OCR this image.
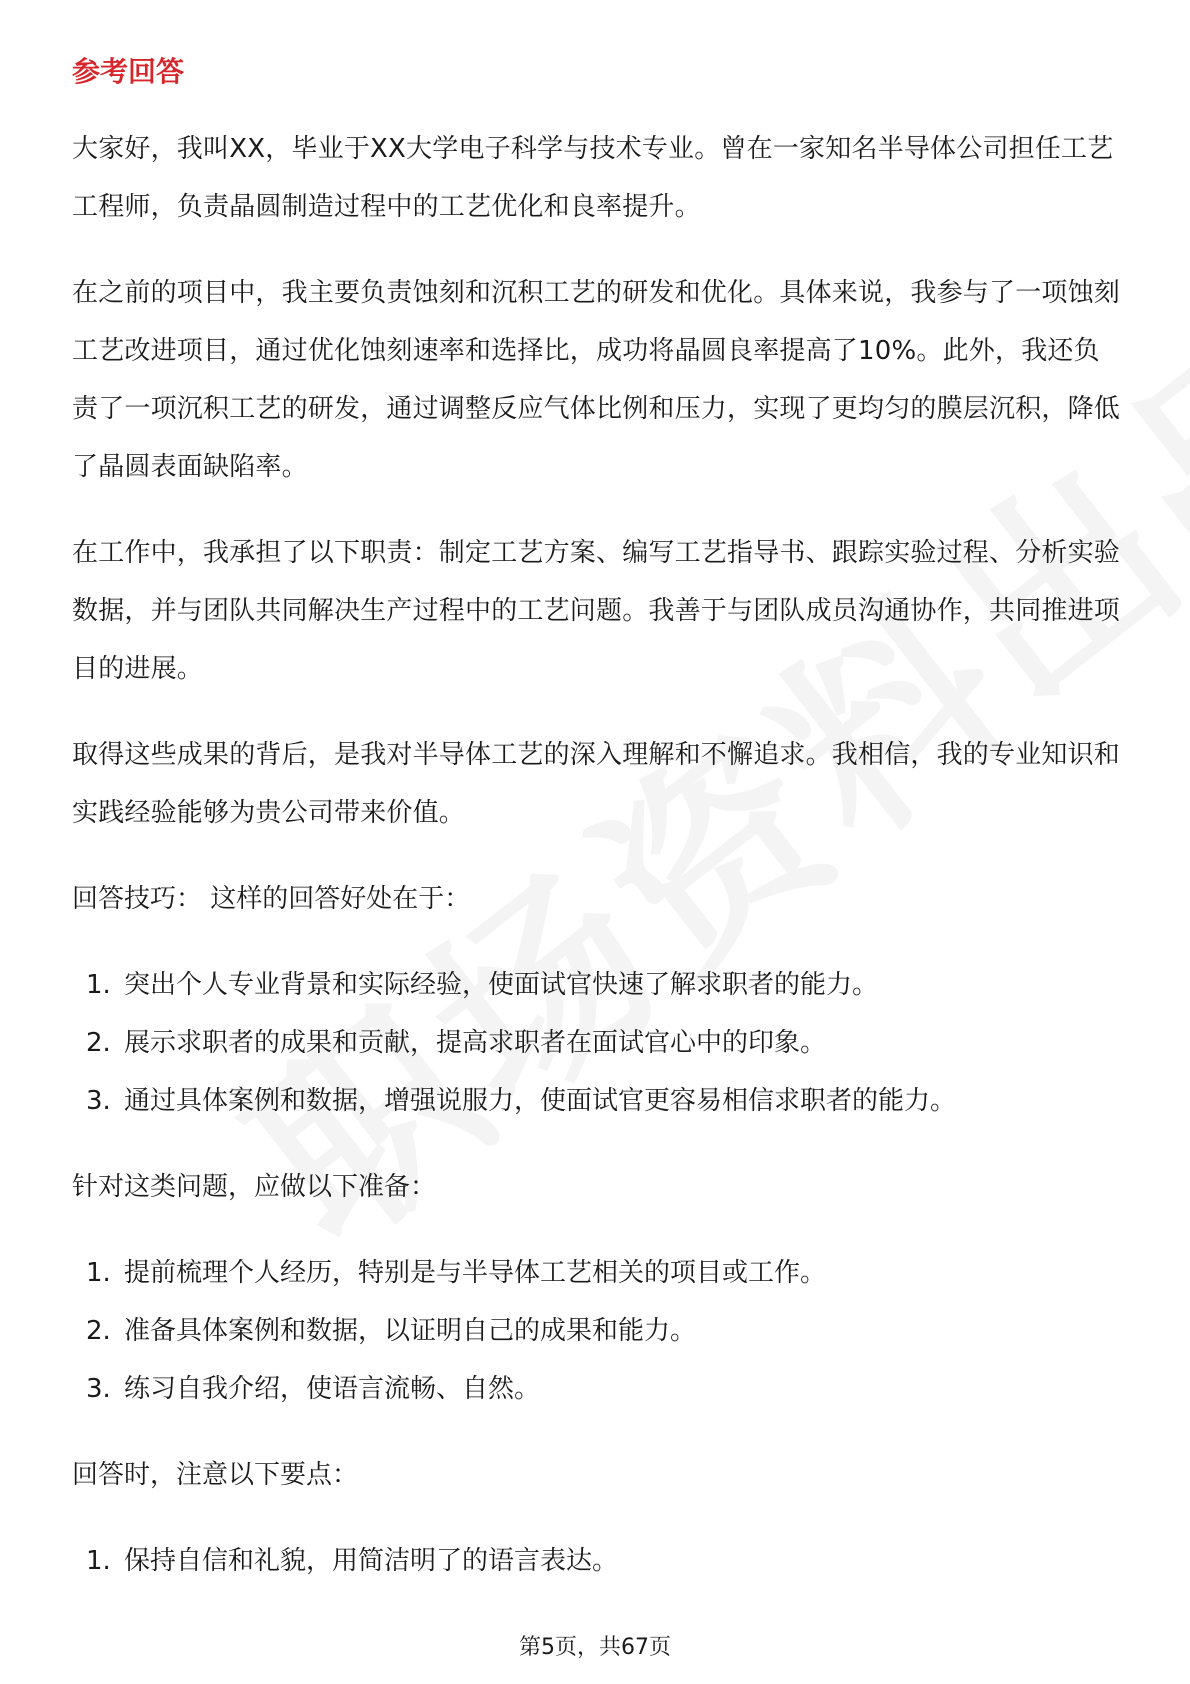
参考回答

大家好，我叫XX，毕业于XX大学电子科学与技术专业。曾在一家知名半导体公司担任工艺工程师，负责晶圆制造过程中的工艺优化和良率提升。

在之前的项目中，我主要负责蚀刻和沉积工艺的研发和优化。具体来说，我参与了一项蚀刻工艺改进项目，通过优化蚀刻速率和选择比，成功将晶圆良率提高了10%。此外，我还负责了一项沉积工艺的研发，通过调整反应气体比例和压力，实现了更均匀的膜层沉积，降低了晶圆表面缺陷率。

在工作中，我承担了以下职责：制定工艺方案、编写工艺指导书、跟踪实验过程、分析实验数据，并与团队共同解决生产过程中的工艺问题。我善于与团队成员沟通协作，共同推进项目的进展。

取得这些成果的背后，是我对半导体工艺的深入理解和不懈追求。我相信，我的专业知识和实践经验能够为贵公司带来价值。

回答技巧： 这样的回答好处在于：
1. 突出个人专业背景和实际经验，使面试官快速了解求职者的能力。
2. 展示求职者的成果和贡献，提高求职者在面试官心中的印象。
3. 通过具体案例和数据，增强说服力，使面试官更容易相信求职者的能力。
针对这类问题，应做以下准备：
1. 提前梳理个人经历，特别是与半导体工艺相关的项目或工作。
2. 准备具体案例和数据，以证明自己的成果和能力。
3. 练习自我介绍，使语言流畅、自然。
回答时，注意以下要点：
1. 保持自信和礼貌，用简洁明了的语言表达。
第5页，共67页
